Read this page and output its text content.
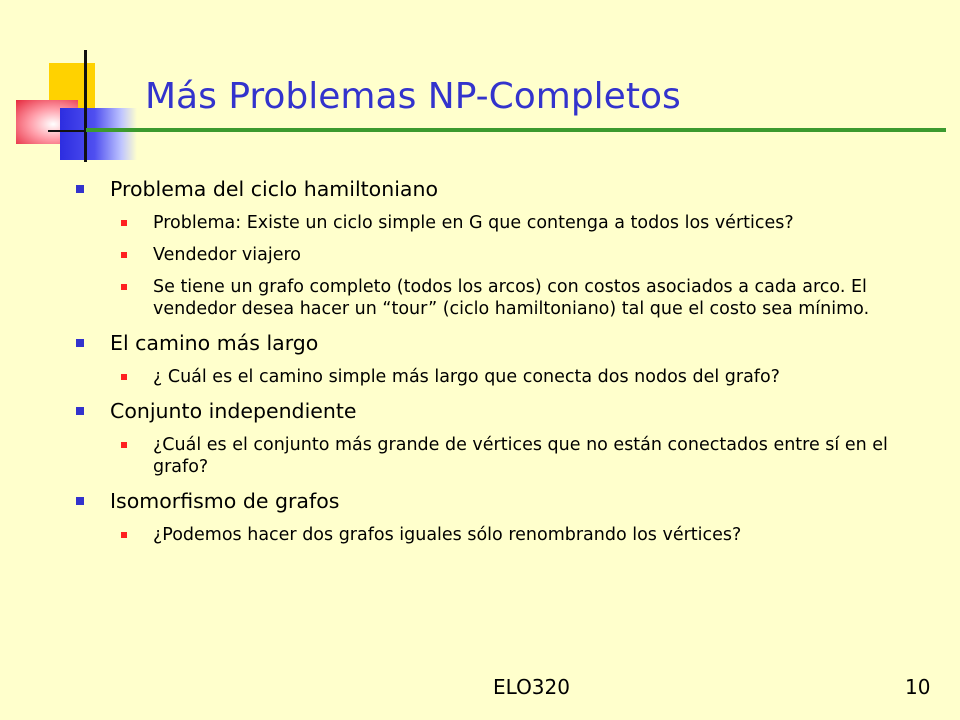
Más Problemas NP-Completos
Problema del ciclo hamiltoniano
Problema: Existe un ciclo simple en G que contenga a todos los vértices?
Vendedor viajero
Se tiene un grafo completo (todos los arcos) con costos asociados a cada arco. El vendedor desea hacer un “tour” (ciclo hamiltoniano) tal que el costo sea mínimo.
El camino más largo
¿ Cuál es el camino simple más largo que conecta dos nodos del grafo?
Conjunto independiente
¿Cuál es el conjunto más grande de vértices que no están conectados entre sí en el grafo?
Isomorfismo de grafos
¿Podemos hacer dos grafos iguales sólo renombrando los vértices?
ELO320	10
